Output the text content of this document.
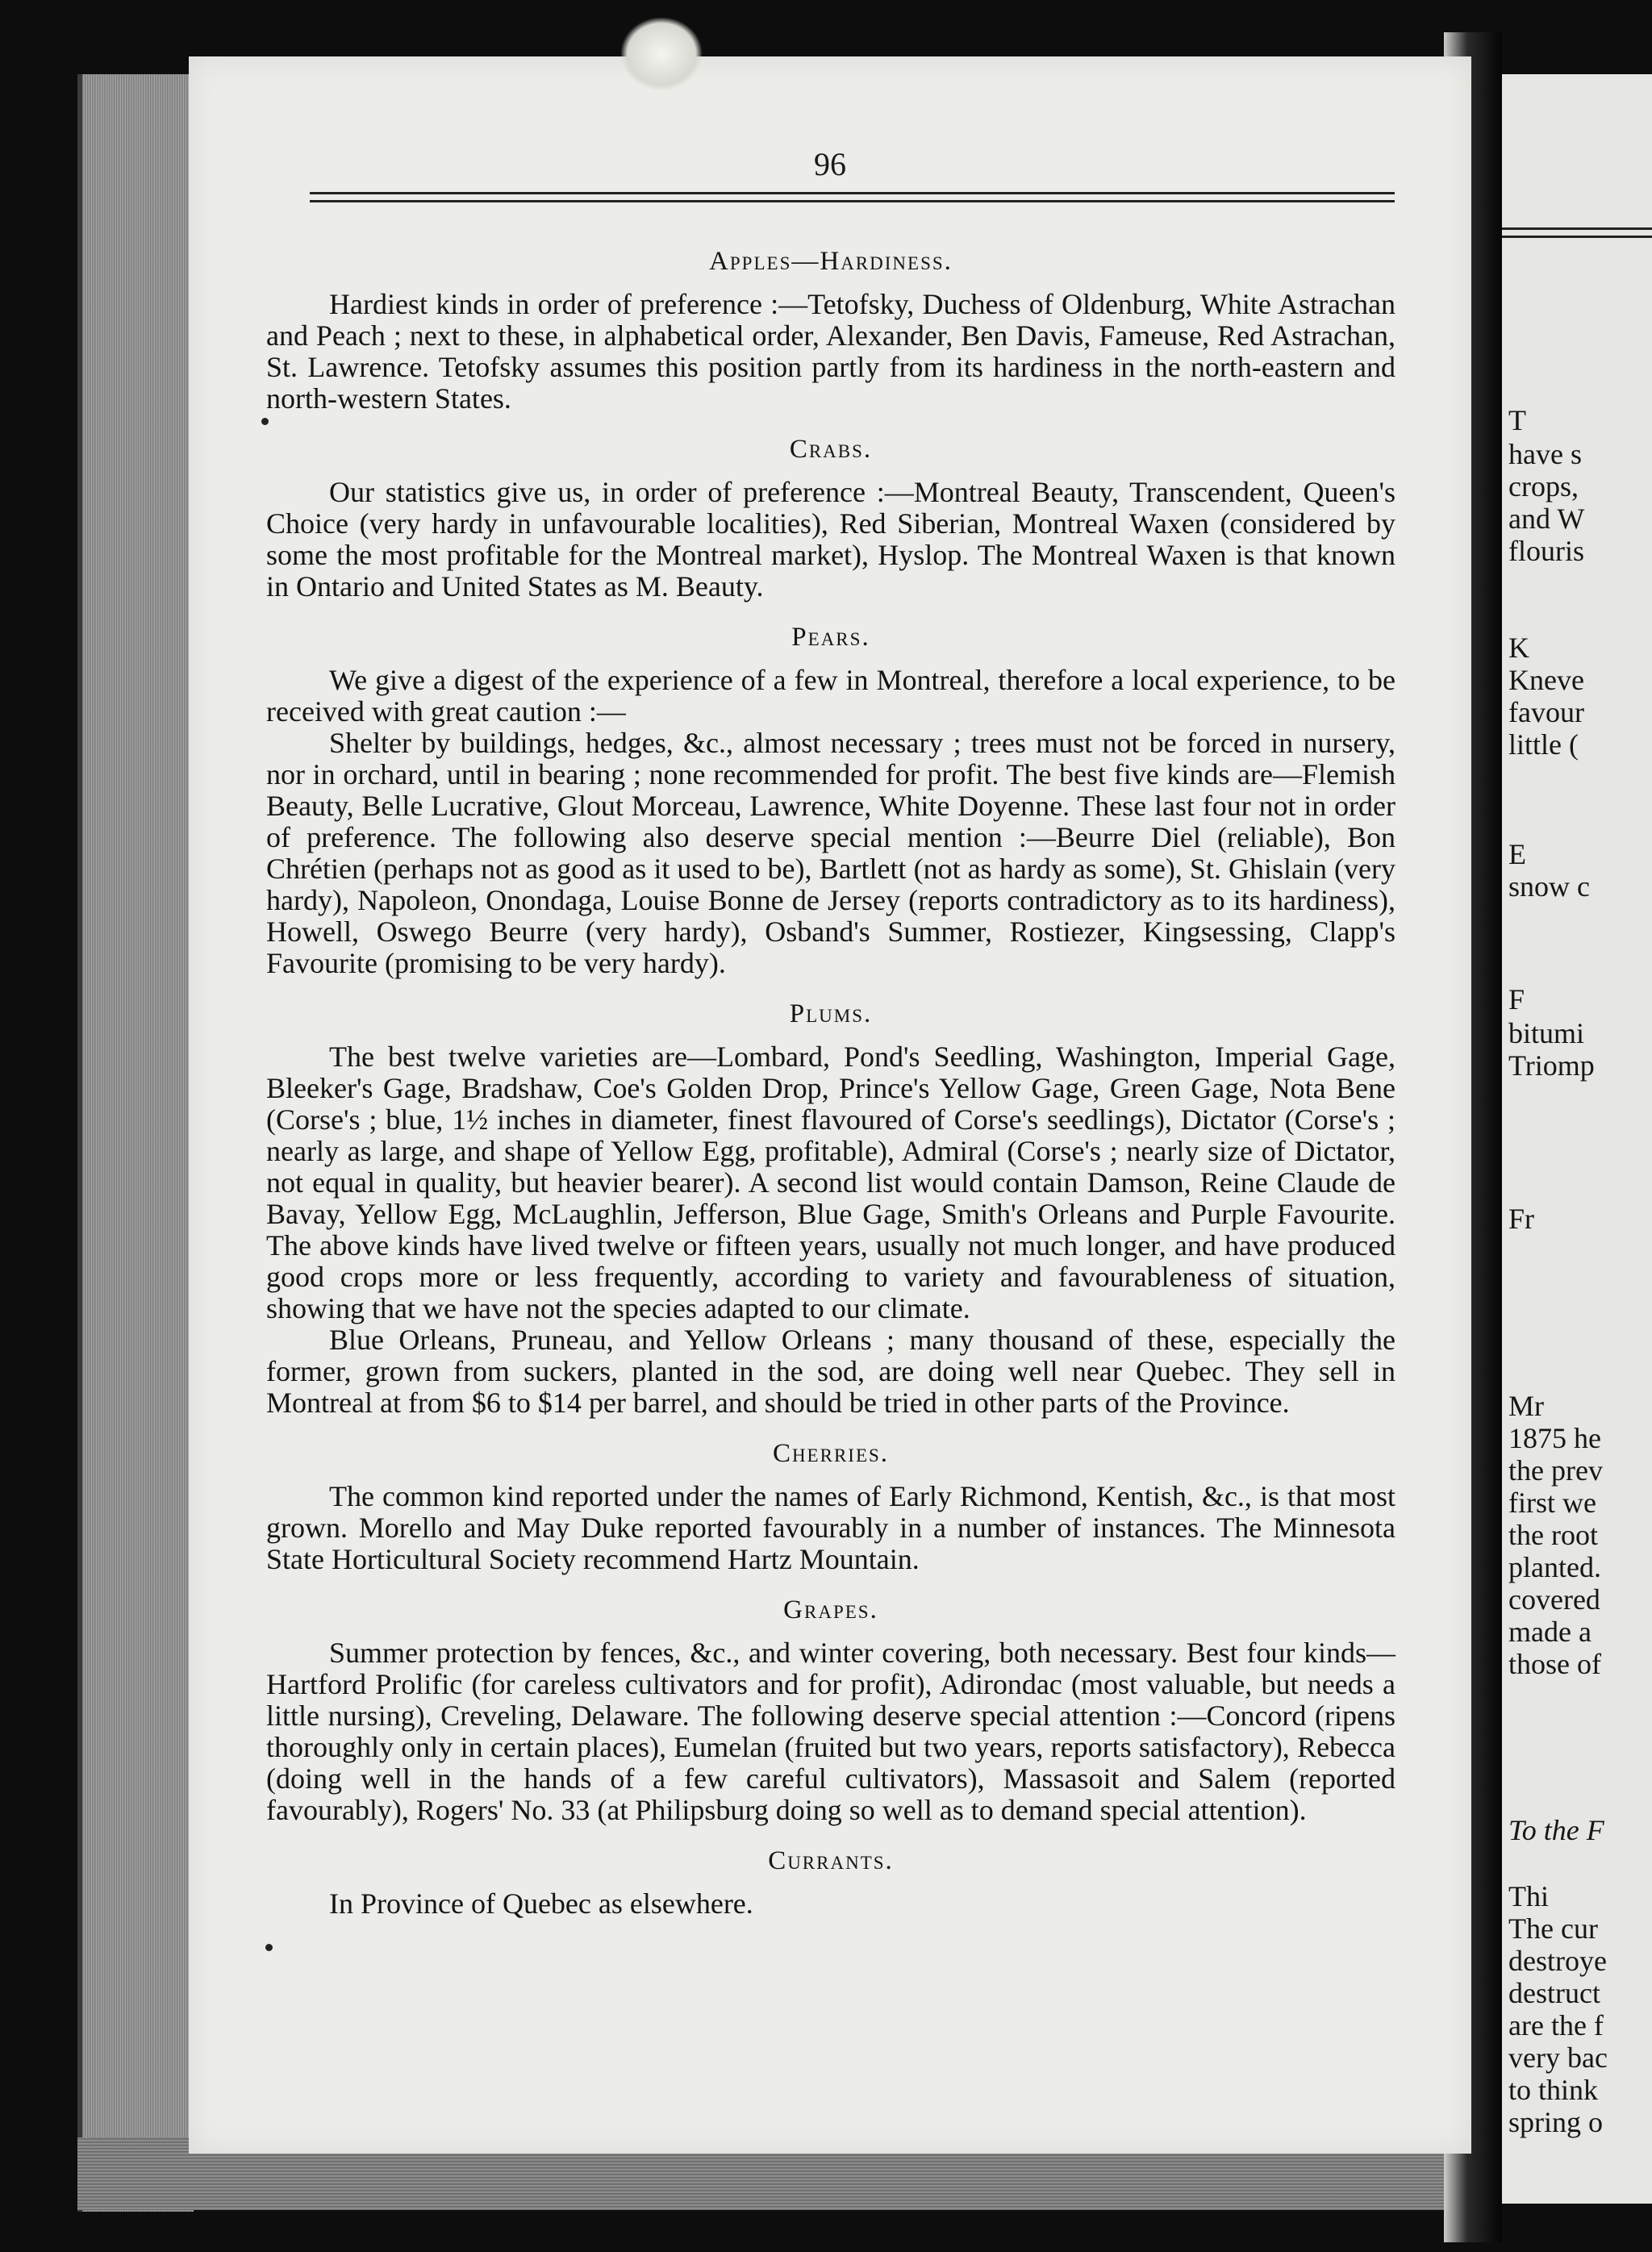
T
have s
crops,
and W
flouris
K
Kneve
favour
little (
E
snow c
F
bitumi
Triomp
Fr
Mr
1875 he
the prev
first we
the root
planted.
covered
made a
those of
To the F
Thi
The cur
destroye
destruct
are the f
very bac
to think
spring o
96
Apples—Hardiness.

Hardiest kinds in order of preference :—Tetofsky, Duchess of Oldenburg, White Astrachan and Peach ; next to these, in alphabetical order, Alexander, Ben Davis, Fameuse, Red Astrachan, St. Lawrence. Tetofsky assumes this position partly from its hardiness in the north-eastern and north-western States.

Crabs.

Our statistics give us, in order of preference :—Montreal Beauty, Transcendent, Queen's Choice (very hardy in unfavourable localities), Red Siberian, Montreal Waxen (considered by some the most profitable for the Montreal market), Hyslop. The Montreal Waxen is that known in Ontario and United States as M. Beauty.

Pears.

We give a digest of the experience of a few in Montreal, therefore a local experience, to be received with great caution :—

Shelter by buildings, hedges, &c., almost necessary ; trees must not be forced in nursery, nor in orchard, until in bearing ; none recommended for profit. The best five kinds are—Flemish Beauty, Belle Lucrative, Glout Morceau, Lawrence, White Doyenne. These last four not in order of preference. The following also deserve special mention :—Beurre Diel (reliable), Bon Chrétien (perhaps not as good as it used to be), Bartlett (not as hardy as some), St. Ghislain (very hardy), Napoleon, Onondaga, Louise Bonne de Jersey (reports contradictory as to its hardiness), Howell, Oswego Beurre (very hardy), Osband's Summer, Rostiezer, Kingsessing, Clapp's Favourite (promising to be very hardy).

Plums.

The best twelve varieties are—Lombard, Pond's Seedling, Washington, Imperial Gage, Bleeker's Gage, Bradshaw, Coe's Golden Drop, Prince's Yellow Gage, Green Gage, Nota Bene (Corse's ; blue, 1½ inches in diameter, finest flavoured of Corse's seedlings), Dictator (Corse's ; nearly as large, and shape of Yellow Egg, profitable), Admiral (Corse's ; nearly size of Dictator, not equal in quality, but heavier bearer). A second list would contain Damson, Reine Claude de Bavay, Yellow Egg, McLaughlin, Jefferson, Blue Gage, Smith's Orleans and Purple Favourite. The above kinds have lived twelve or fifteen years, usually not much longer, and have produced good crops more or less frequently, according to variety and favourableness of situation, showing that we have not the species adapted to our climate.

Blue Orleans, Pruneau, and Yellow Orleans ; many thousand of these, especially the former, grown from suckers, planted in the sod, are doing well near Quebec. They sell in Montreal at from $6 to $14 per barrel, and should be tried in other parts of the Province.

Cherries.

The common kind reported under the names of Early Richmond, Kentish, &c., is that most grown. Morello and May Duke reported favourably in a number of instances. The Minnesota State Horticultural Society recommend Hartz Mountain.

Grapes.

Summer protection by fences, &c., and winter covering, both necessary. Best four kinds—Hartford Prolific (for careless cultivators and for profit), Adirondac (most valuable, but needs a little nursing), Creveling, Delaware. The following deserve special attention :—Concord (ripens thoroughly only in certain places), Eumelan (fruited but two years, reports satisfactory), Rebecca (doing well in the hands of a few careful cultivators), Massasoit and Salem (reported favourably), Rogers' No. 33 (at Philipsburg doing so well as to demand special attention).

Currants.

In Province of Quebec as elsewhere.
